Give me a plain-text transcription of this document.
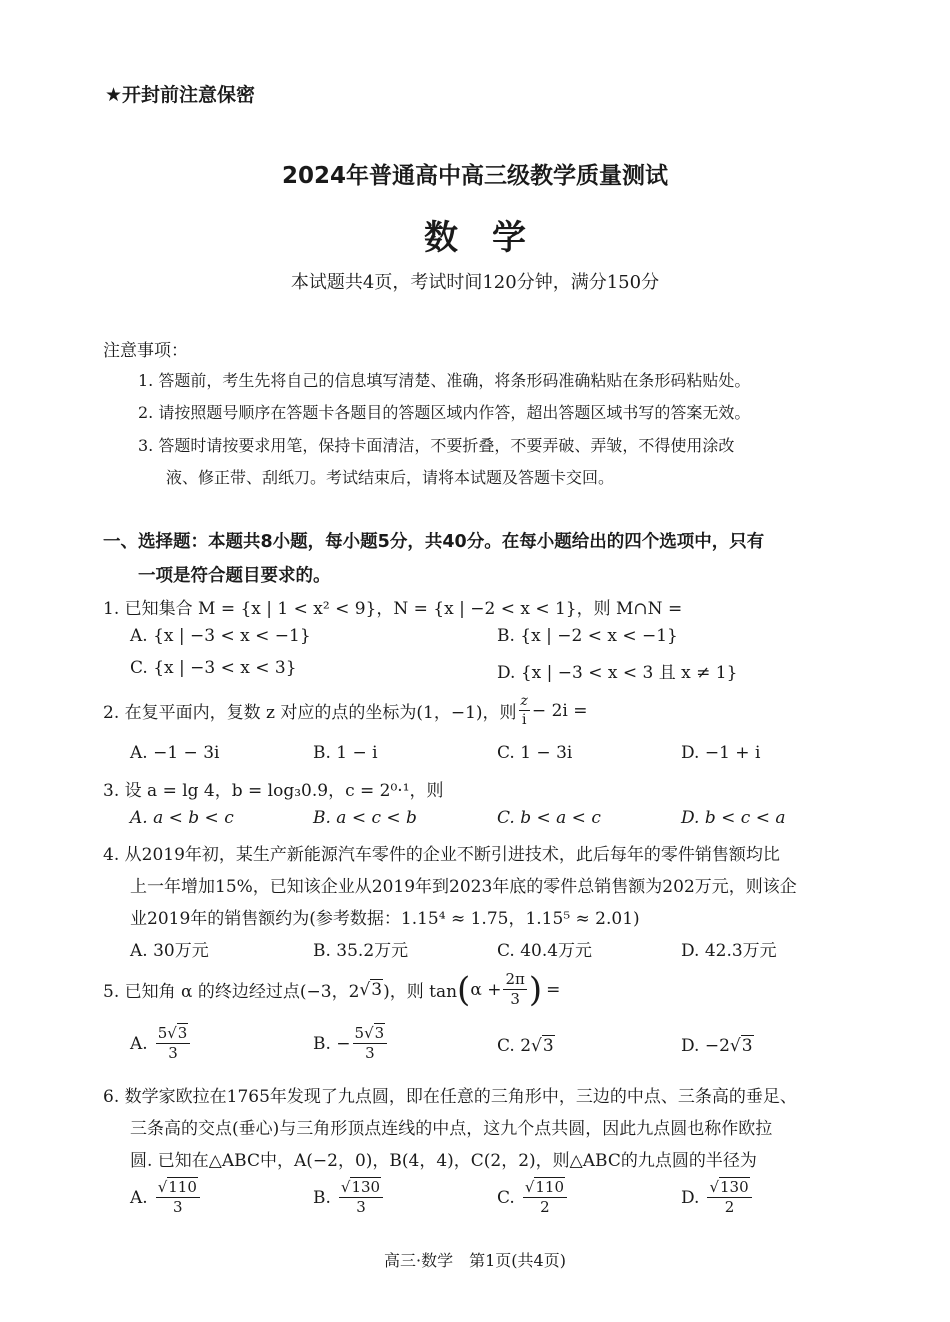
★开封前注意保密
2024年普通高中高三级教学质量测试
数　学
本试题共4页，考试时间120分钟，满分150分
注意事项：
1. 答题前，考生先将自己的信息填写清楚、准确，将条形码准确粘贴在条形码粘贴处。
2. 请按照题号顺序在答题卡各题目的答题区域内作答，超出答题区域书写的答案无效。
3. 答题时请按要求用笔，保持卡面清洁，不要折叠，不要弄破、弄皱，不得使用涂改
液、修正带、刮纸刀。考试结束后，请将本试题及答题卡交回。
一、选择题：本题共8小题，每小题5分，共40分。在每小题给出的四个选项中，只有
一项是符合题目要求的。
1. 已知集合 M = {x | 1 < x² < 9}，N = {x | −2 < x < 1}，则 M∩N =
A. {x | −3 < x < −1}	B. {x | −2 < x < −1}
C. {x | −3 < x < 3}	D. {x | −3 < x < 3 且 x ≠ 1}
2. 在复平面内，复数 z 对应的点的坐标为(1，−1)，则 $\frac{z}{i} - 2i$ =
A. −1 − 3i	B. 1 − i	C. 1 − 3i	D. −1 + i
3. 设 a = lg 4，b = log₃0.9，c = 2⁰·¹，则
A. a < b < c	B. a < c < b	C. b < a < c	D. b < c < a
4. 从2019年初，某生产新能源汽车零件的企业不断引进技术，此后每年的零件销售额均比
上一年增加15%，已知该企业从2019年到2023年底的零件总销售额为202万元，则该企
业2019年的销售额约为(参考数据：1.15⁴ ≈ 1.75，1.15⁵ ≈ 2.01)
A. 30万元	B. 35.2万元	C. 40.4万元	D. 42.3万元
5. 已知角 α 的终边经过点(−3，2 √ 3 )，则 tan ( $\alpha + \frac{2\pi}{3}$ ) =
A. $\frac{5√3}{3}$	B. − $\frac{5√3}{3}$	C. 2√3	D. −2√3
6. 数学家欧拉在1765年发现了九点圆，即在任意的三角形中，三边的中点、三条高的垂足、
三条高的交点(垂心)与三角形顶点连线的中点，这九个点共圆，因此九点圆也称作欧拉
圆. 已知在△ABC中，A(−2，0)，B(4，4)，C(2，2)，则△ABC的九点圆的半径为
A. $\frac{√110}{3}$	B. $\frac{√130}{3}$	C. $\frac{√110}{2}$	D. $\frac{√130}{2}$
高三·数学　第1页(共4页)
